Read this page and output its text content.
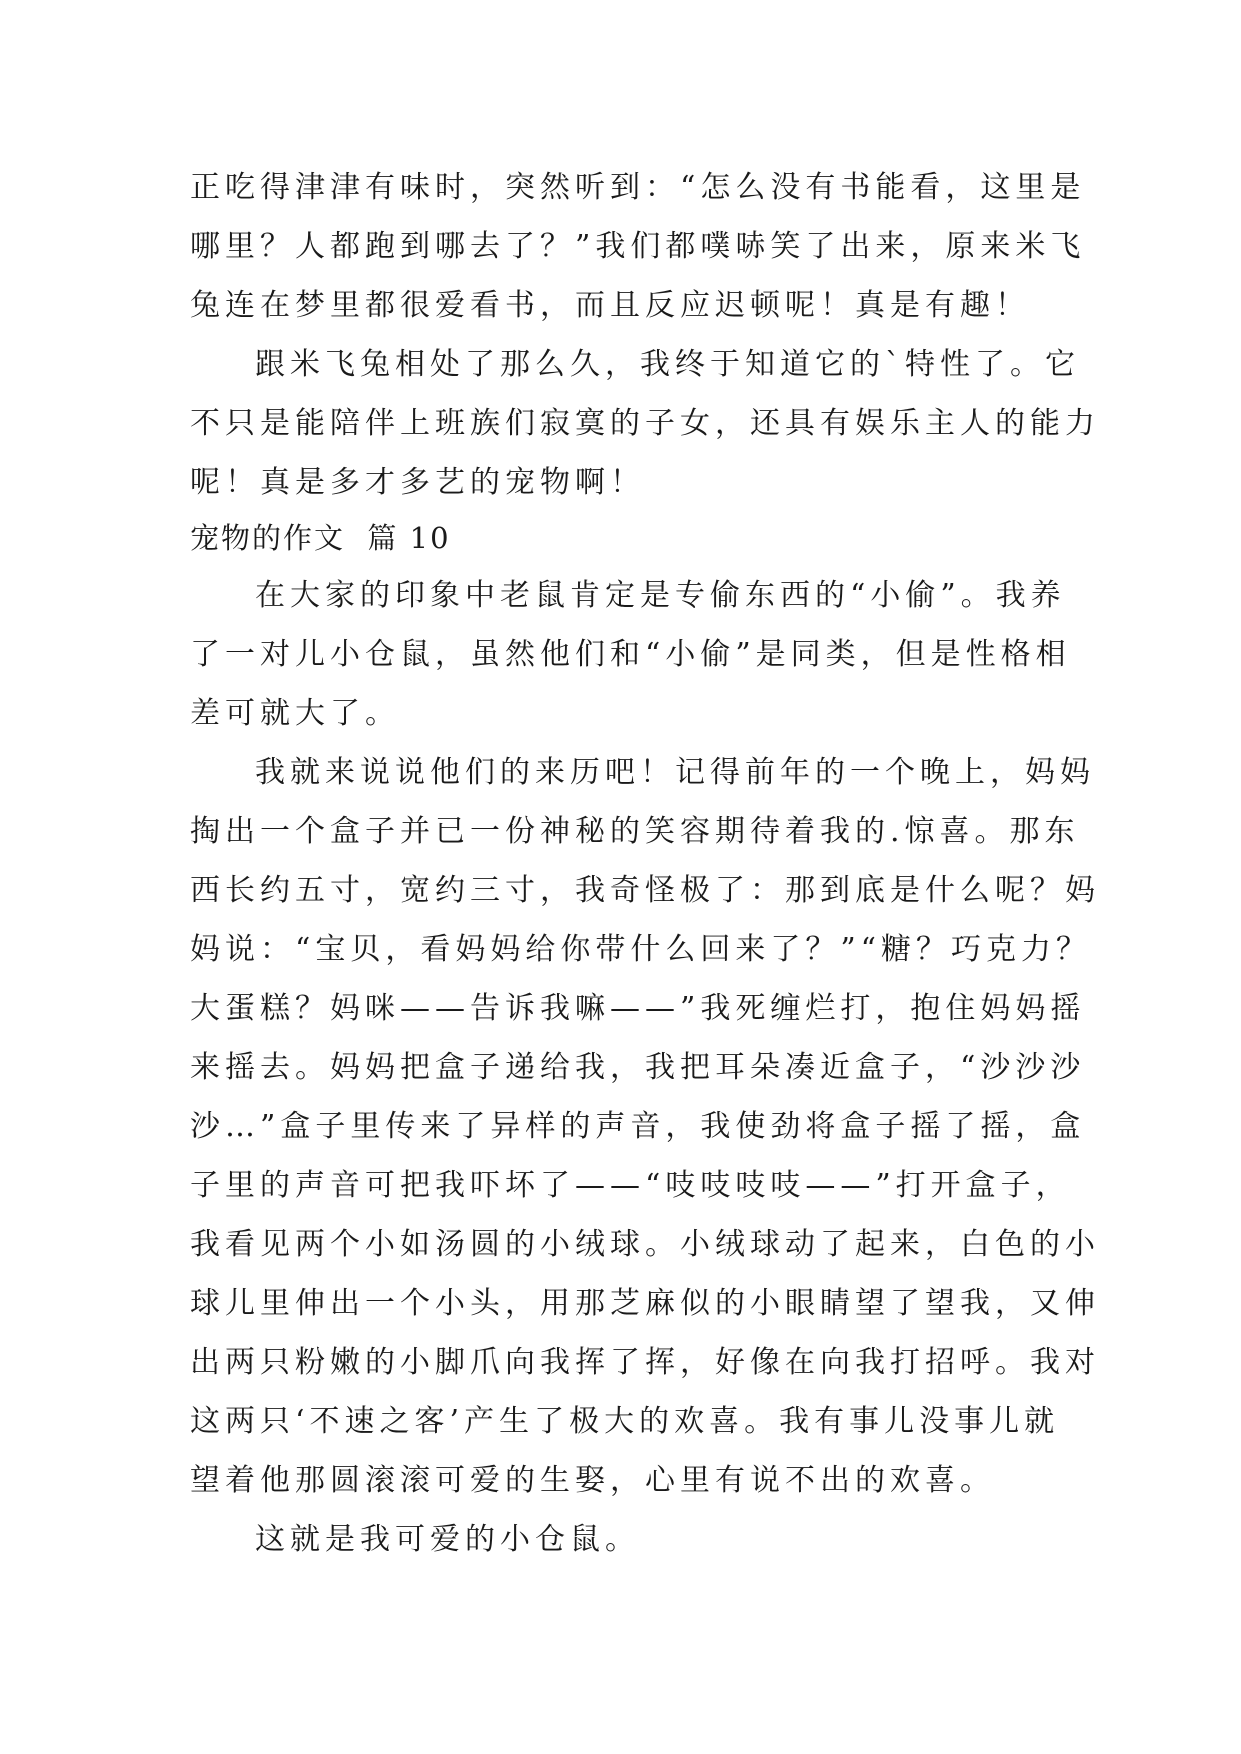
正吃得津津有味时，突然听到：“怎么没有书能看，这里是
哪里？人都跑到哪去了？”我们都噗哧笑了出来，原来米飞
兔连在梦里都很爱看书，而且反应迟顿呢！真是有趣！
跟米飞兔相处了那么久，我终于知道它的`特性了。它
不只是能陪伴上班族们寂寞的子女，还具有娱乐主人的能力
呢！真是多才多艺的宠物啊！
宠物的作文  篇 10
在大家的印象中老鼠肯定是专偷东西的“小偷”。我养
了一对儿小仓鼠，虽然他们和“小偷”是同类，但是性格相
差可就大了。
我就来说说他们的来历吧！记得前年的一个晚上，妈妈
掏出一个盒子并已一份神秘的笑容期待着我的.惊喜。那东
西长约五寸，宽约三寸，我奇怪极了：那到底是什么呢？妈
妈说：“宝贝，看妈妈给你带什么回来了？”“糖？巧克力？
大蛋糕？妈咪——告诉我嘛——”我死缠烂打，抱住妈妈摇
来摇去。妈妈把盒子递给我，我把耳朵凑近盒子，“沙沙沙
沙…”盒子里传来了异样的声音，我使劲将盒子摇了摇，盒
子里的声音可把我吓坏了——“吱吱吱吱——”打开盒子，
我看见两个小如汤圆的小绒球。小绒球动了起来，白色的小
球儿里伸出一个小头，用那芝麻似的小眼睛望了望我，又伸
出两只粉嫩的小脚爪向我挥了挥，好像在向我打招呼。我对
这两只‘不速之客’产生了极大的欢喜。我有事儿没事儿就
望着他那圆滚滚可爱的生娶，心里有说不出的欢喜。
这就是我可爱的小仓鼠。
